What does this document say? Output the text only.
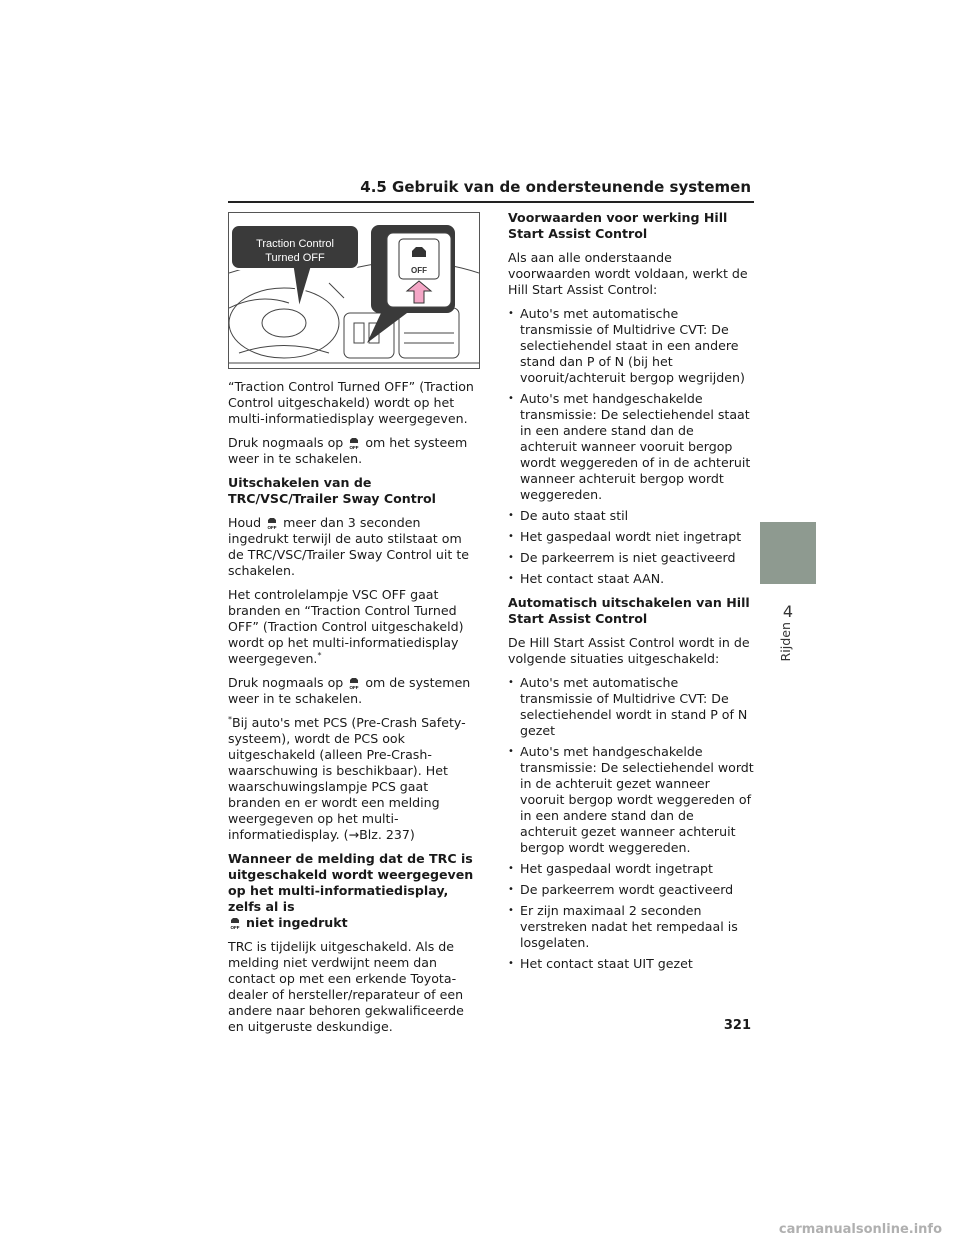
4.5 Gebruik van de ondersteunende systemen
Traction Control
Turned OFF
OFF

“Traction Control Turned OFF” (Traction Control uitgeschakeld) wordt op het multi-informatiedisplay weergegeven.

Druk nogmaals op OFF om het systeem weer in te schakelen.

Uitschakelen van de TRC/VSC/Trailer Sway Control

Houd OFF meer dan 3 seconden ingedrukt terwijl de auto stilstaat om de TRC/VSC/Trailer Sway Control uit te schakelen.

Het controlelampje VSC OFF gaat branden en “Traction Control Turned OFF” (Traction Control uitgeschakeld) wordt op het multi-informatiedisplay weergegeven.*

Druk nogmaals op OFF om de systemen weer in te schakelen.

*Bij auto's met PCS (Pre-Crash Safety-systeem), wordt de PCS ook uitgeschakeld (alleen Pre-Crash-waarschuwing is beschikbaar). Het waarschuwingslampje PCS gaat branden en er wordt een melding weergegeven op het multi-informatiedisplay. (→Blz. 237)

Wanneer de melding dat de TRC is uitgeschakeld wordt weergegeven op het multi-informatiedisplay, zelfs al is

OFF niet ingedrukt

TRC is tijdelijk uitgeschakeld. Als de melding niet verdwijnt neem dan contact op met een erkende Toyota-dealer of hersteller/reparateur of een andere naar behoren gekwalificeerde en uitgeruste deskundige.

Voorwaarden voor werking Hill Start Assist Control

Als aan alle onderstaande voorwaarden wordt voldaan, werkt de Hill Start Assist Control:

• Auto's met automatische transmissie of Multidrive CVT: De selectiehendel staat in een andere stand dan P of N (bij het vooruit/achteruit bergop wegrijden)
• Auto's met handgeschakelde transmissie: De selectiehendel staat in een andere stand dan de achteruit wanneer vooruit bergop wordt weggereden of in de achteruit wanneer achteruit bergop wordt weggereden.
• De auto staat stil
• Het gaspedaal wordt niet ingetrapt
• De parkeerrem is niet geactiveerd
• Het contact staat AAN.
Automatisch uitschakelen van Hill Start Assist Control

De Hill Start Assist Control wordt in de volgende situaties uitgeschakeld:

• Auto's met automatische transmissie of Multidrive CVT: De selectiehendel wordt in stand P of N gezet
• Auto's met handgeschakelde transmissie: De selectiehendel wordt in de achteruit gezet wanneer vooruit bergop wordt weggereden of in een andere stand dan de achteruit gezet wanneer achteruit bergop wordt weggereden.
• Het gaspedaal wordt ingetrapt
• De parkeerrem wordt geactiveerd
• Er zijn maximaal 2 seconden verstreken nadat het rempedaal is losgelaten.
• Het contact staat UIT gezet
4
Rijden
321
carmanualsonline.info
